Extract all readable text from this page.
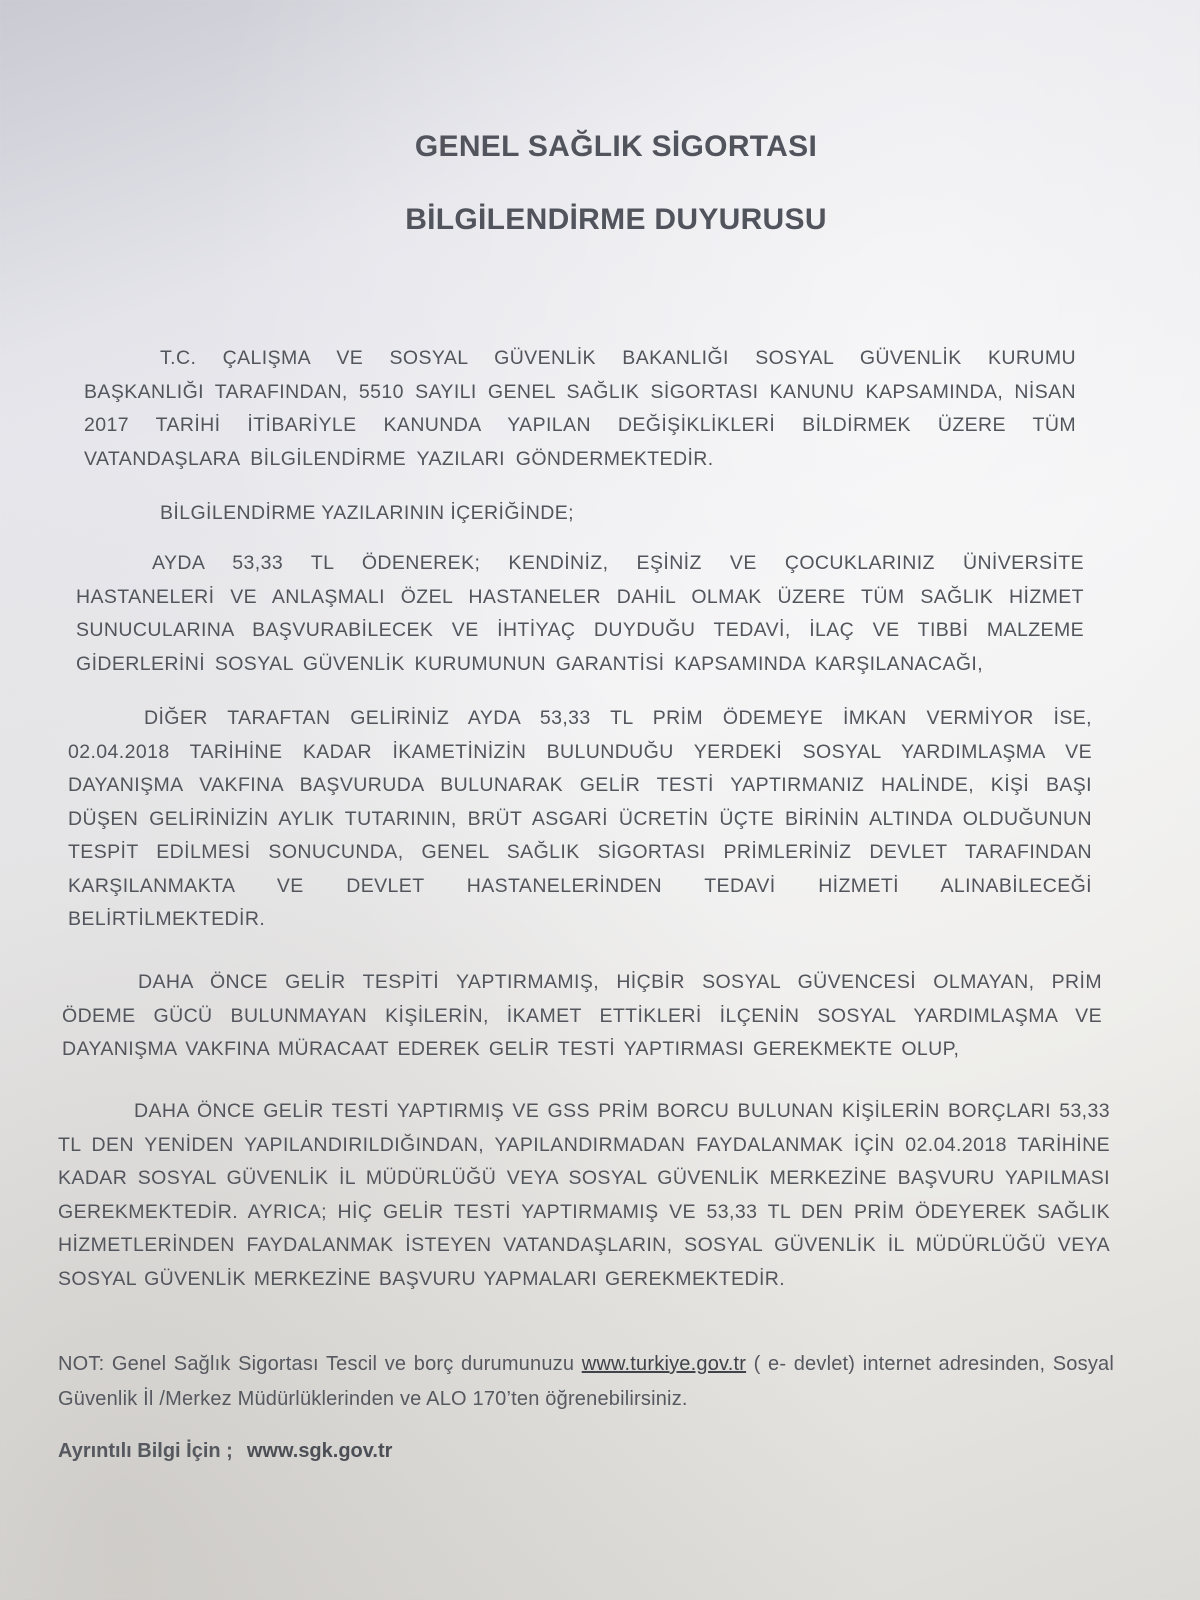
GENEL SAĞLIK SİGORTASI
BİLGİLENDİRME DUYURUSU

T.C. ÇALIŞMA VE SOSYAL GÜVENLİK BAKANLIĞI SOSYAL GÜVENLİK KURUMU BAŞKANLIĞI TARAFINDAN, 5510 SAYILI GENEL SAĞLIK SİGORTASI KANUNU KAPSAMINDA, NİSAN 2017 TARİHİ İTİBARİYLE KANUNDA YAPILAN DEĞİŞİKLİKLERİ BİLDİRMEK ÜZERE TÜM VATANDAŞLARA BİLGİLENDİRME YAZILARI GÖNDERMEKTEDİR.

BİLGİLENDİRME YAZILARININ İÇERİĞİNDE;

AYDA 53,33 TL ÖDENEREK; KENDİNİZ, EŞİNİZ VE ÇOCUKLARINIZ ÜNİVERSİTE HASTANELERİ VE ANLAŞMALI ÖZEL HASTANELER DAHİL OLMAK ÜZERE TÜM SAĞLIK HİZMET SUNUCULARINA BAŞVURABİLECEK VE İHTİYAÇ DUYDUĞU TEDAVİ, İLAÇ VE TIBBİ MALZEME GİDERLERİNİ SOSYAL GÜVENLİK KURUMUNUN GARANTİSİ KAPSAMINDA KARŞILANACAĞI,

DİĞER TARAFTAN GELİRİNİZ AYDA 53,33 TL PRİM ÖDEMEYE İMKAN VERMİYOR İSE, 02.04.2018 TARİHİNE KADAR İKAMETİNİZİN BULUNDUĞU YERDEKİ SOSYAL YARDIMLAŞMA VE DAYANIŞMA VAKFINA BAŞVURUDA BULUNARAK GELİR TESTİ YAPTIRMANIZ HALİNDE, KİŞİ BAŞI DÜŞEN GELİRİNİZİN AYLIK TUTARININ, BRÜT ASGARİ ÜCRETİN ÜÇTE BİRİNİN ALTINDA OLDUĞUNUN TESPİT EDİLMESİ SONUCUNDA, GENEL SAĞLIK SİGORTASI PRİMLERİNİZ DEVLET TARAFINDAN KARŞILANMAKTA VE DEVLET HASTANELERİNDEN TEDAVİ HİZMETİ ALINABİLECEĞİ BELİRTİLMEKTEDİR.

DAHA ÖNCE GELİR TESPİTİ YAPTIRMAMIŞ, HİÇBİR SOSYAL GÜVENCESİ OLMAYAN, PRİM ÖDEME GÜCÜ BULUNMAYAN KİŞİLERİN, İKAMET ETTİKLERİ İLÇENİN SOSYAL YARDIMLAŞMA VE DAYANIŞMA VAKFINA MÜRACAAT EDEREK GELİR TESTİ YAPTIRMASI GEREKMEKTE OLUP,

DAHA ÖNCE GELİR TESTİ YAPTIRMIŞ VE GSS PRİM BORCU BULUNAN KİŞİLERİN BORÇLARI 53,33 TL DEN YENİDEN YAPILANDIRILDIĞINDAN, YAPILANDIRMADAN FAYDALANMAK İÇİN 02.04.2018 TARİHİNE KADAR SOSYAL GÜVENLİK İL MÜDÜRLÜĞÜ VEYA SOSYAL GÜVENLİK MERKEZİNE BAŞVURU YAPILMASI GEREKMEKTEDİR. AYRICA; HİÇ GELİR TESTİ YAPTIRMAMIŞ VE 53,33 TL DEN PRİM ÖDEYEREK SAĞLIK HİZMETLERİNDEN FAYDALANMAK İSTEYEN VATANDAŞLARIN, SOSYAL GÜVENLİK İL MÜDÜRLÜĞÜ VEYA SOSYAL GÜVENLİK MERKEZİNE BAŞVURU YAPMALARI GEREKMEKTEDİR.

NOT: Genel Sağlık Sigortası Tescil ve borç durumunuzu www.turkiye.gov.tr ( e- devlet) internet adresinden, Sosyal Güvenlik İl /Merkez Müdürlüklerinden ve ALO 170’ten öğrenebilirsiniz.

Ayrıntılı Bilgi İçin ; www.sgk.gov.tr
